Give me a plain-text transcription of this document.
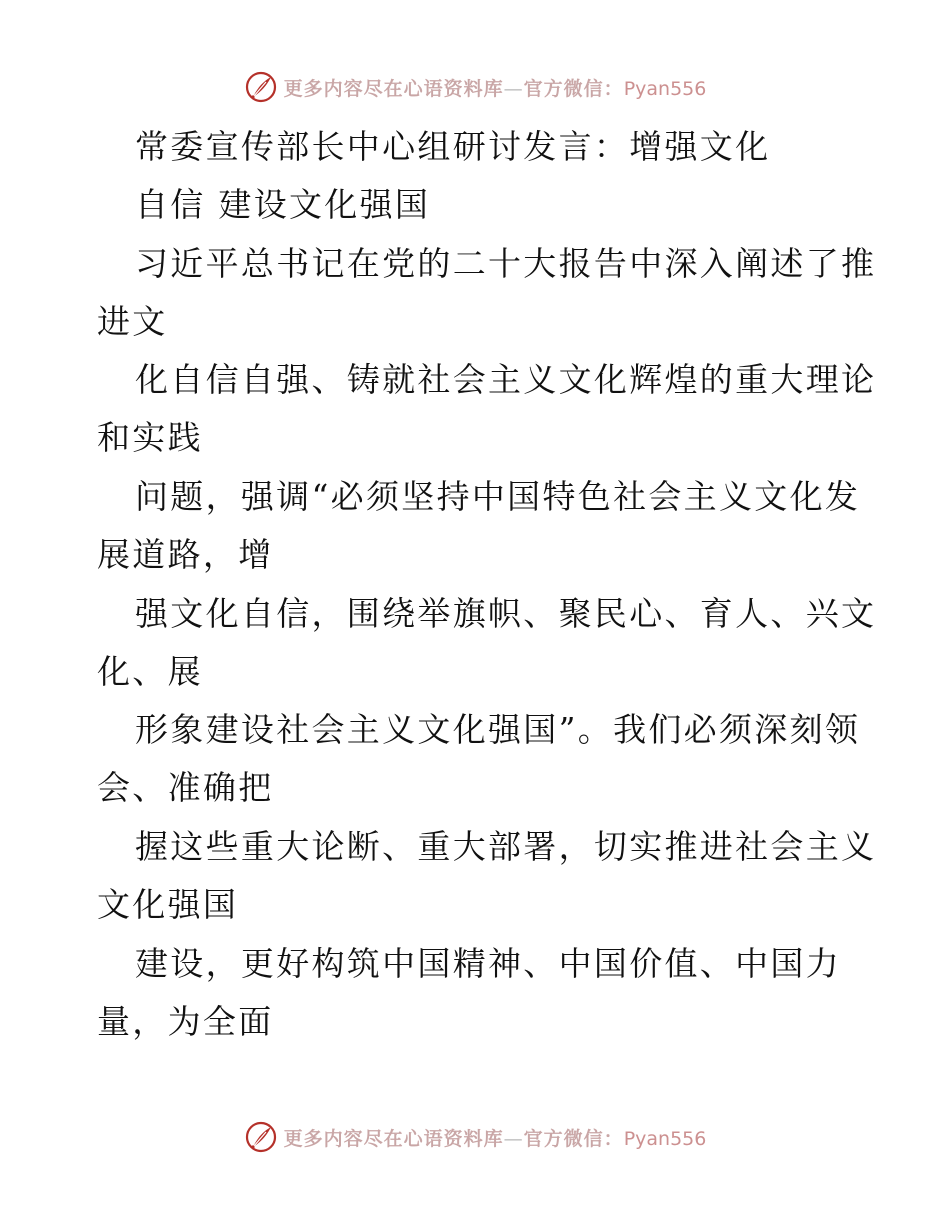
更多内容尽在心语资料库—官方微信：Pyan556
常委宣传部长中心组研讨发言：增强文化
自信 建设文化强国
习近平总书记在党的二十大报告中深入阐述了推
进文
化自信自强、铸就社会主义文化辉煌的重大理论
和实践
问题，强调“必须坚持中国特色社会主义文化发
展道路，增
强文化自信，围绕举旗帜、聚民心、育人、兴文
化、展
形象建设社会主义文化强国”。我们必须深刻领
会、准确把
握这些重大论断、重大部署，切实推进社会主义
文化强国
建设，更好构筑中国精神、中国价值、中国力
量，为全面
更多内容尽在心语资料库—官方微信：Pyan556
